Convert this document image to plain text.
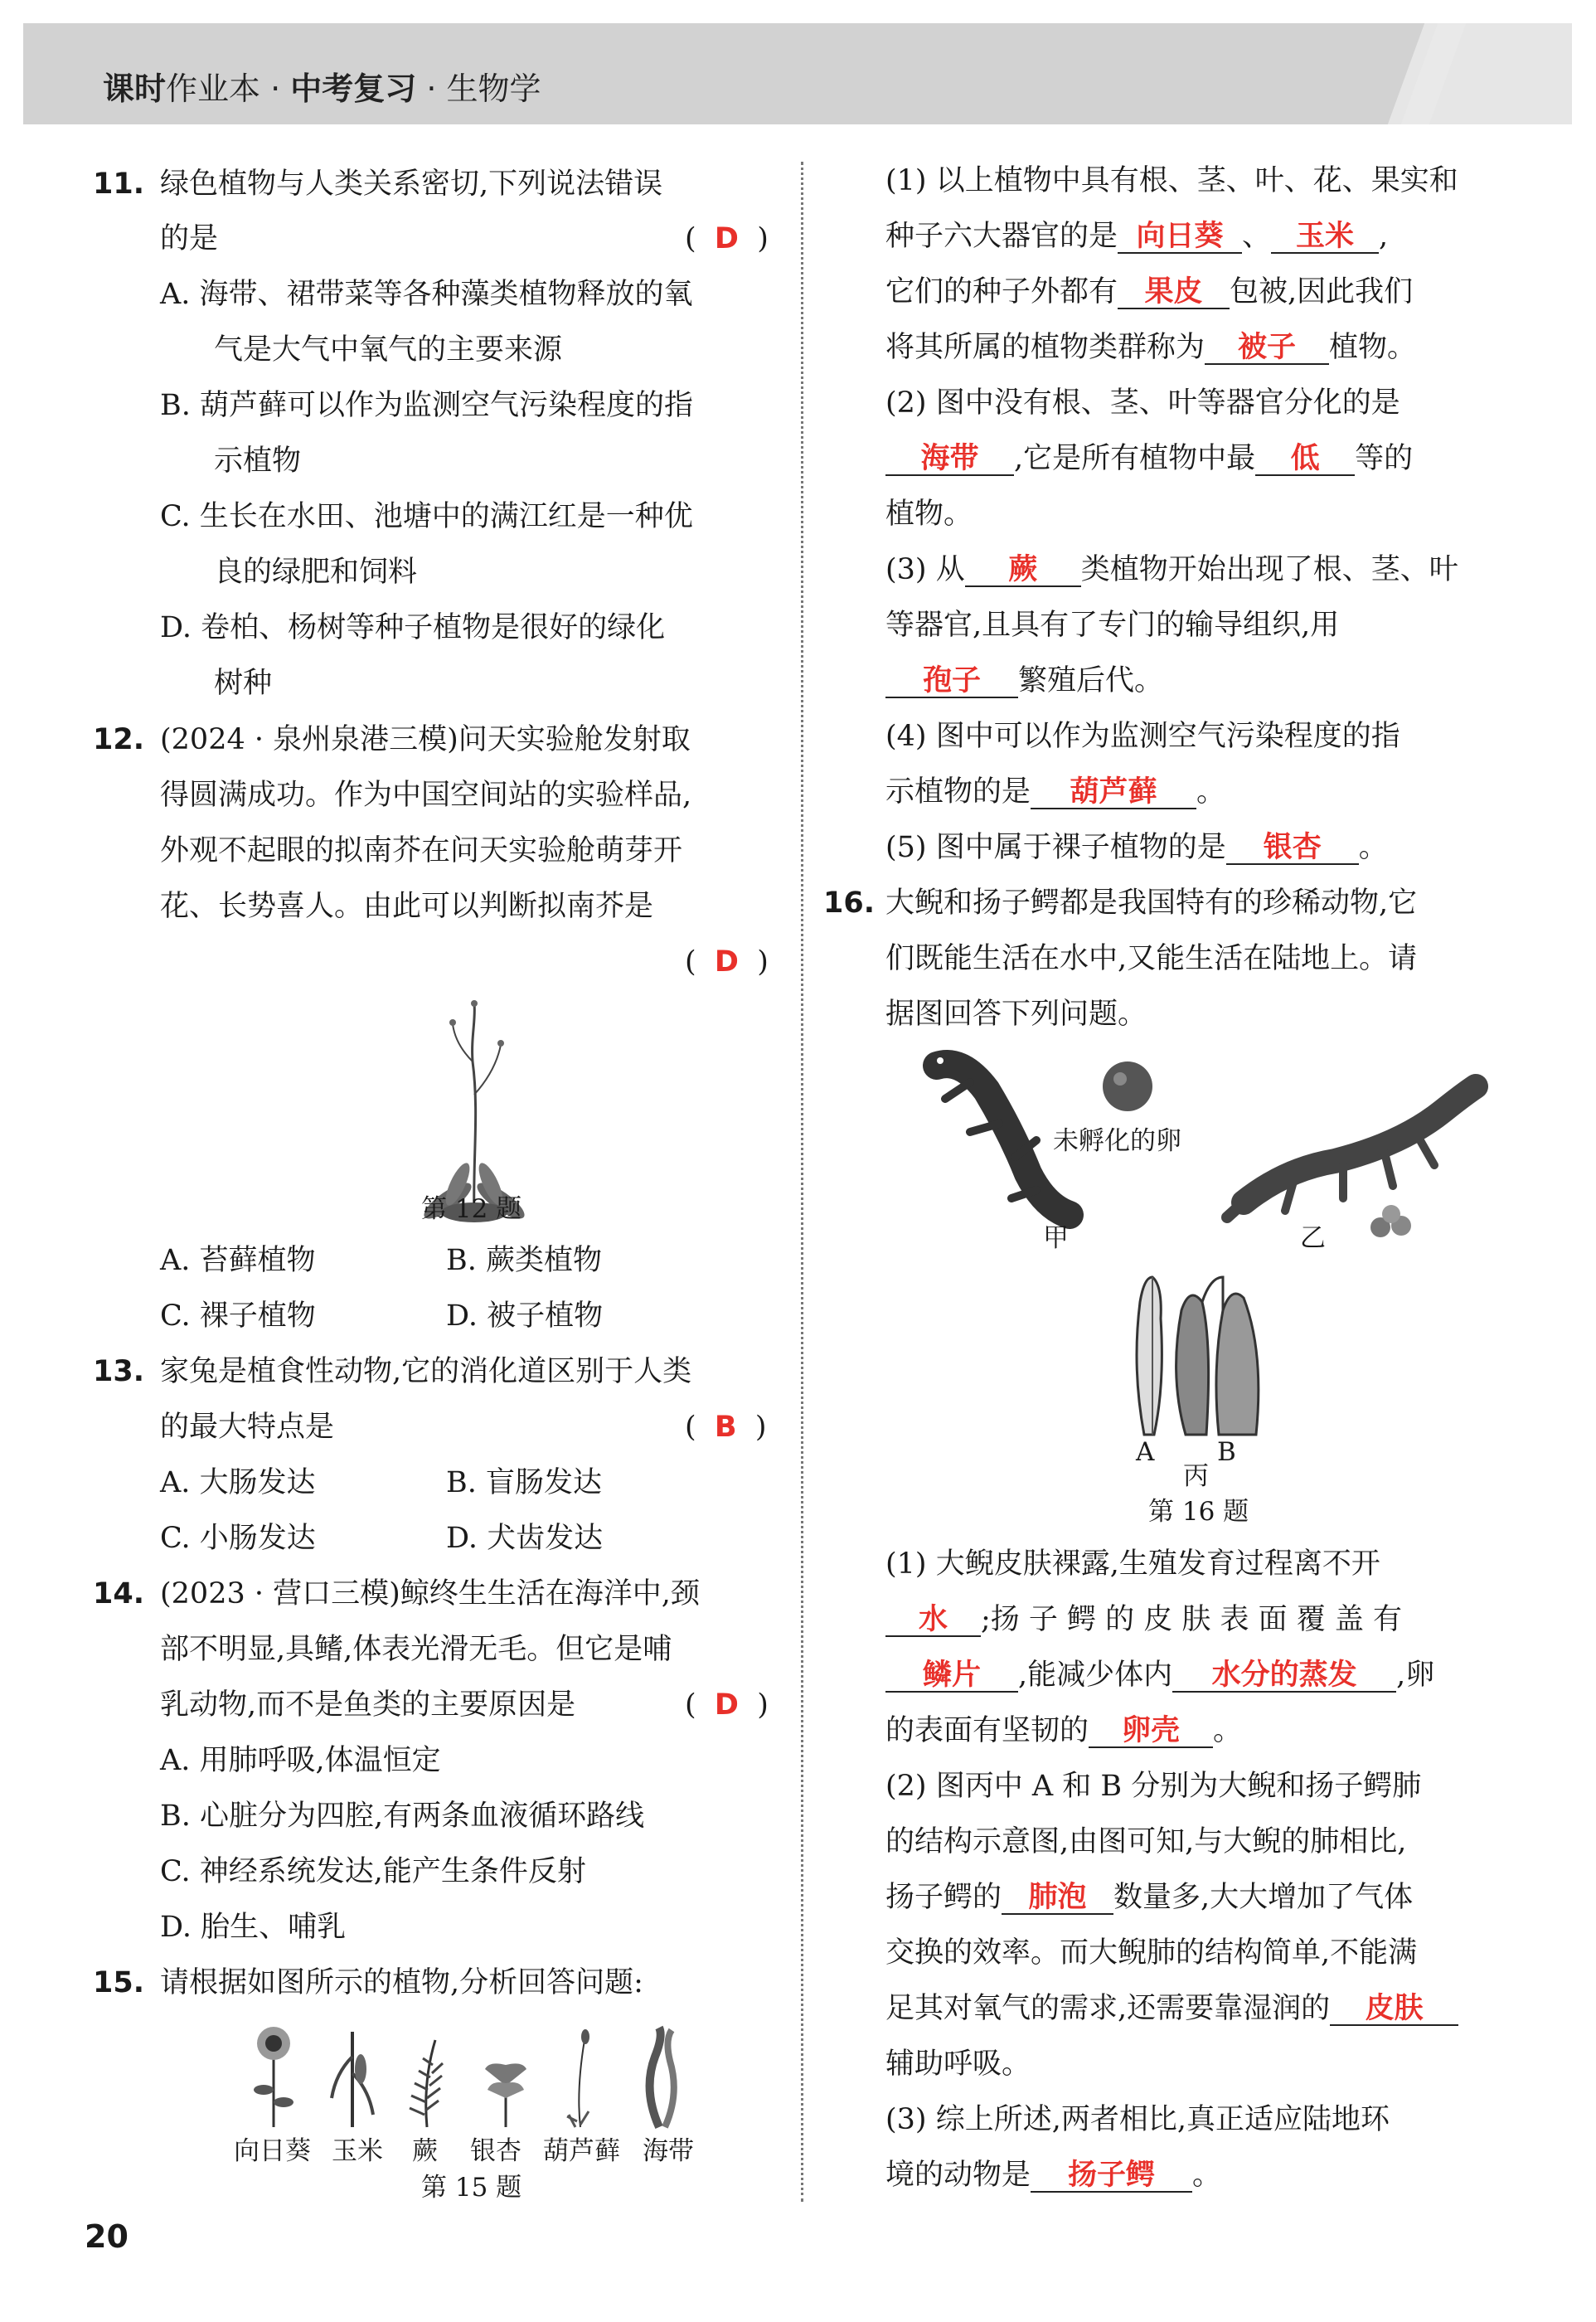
课时作业本 · 中考复习 · 生物学
11. 绿色植物与人类关系密切,下列说法错误
的是	(  D  )
A. 海带、裙带菜等各种藻类植物释放的氧
气是大气中氧气的主要来源
B. 葫芦藓可以作为监测空气污染程度的指
示植物
C. 生长在水田、池塘中的满江红是一种优
良的绿肥和饲料
D. 卷柏、杨树等种子植物是很好的绿化
树种
12. (2024 · 泉州泉港三模)问天实验舱发射取
得圆满成功。作为中国空间站的实验样品,
外观不起眼的拟南芥在问天实验舱萌芽开
花、长势喜人。由此可以判断拟南芥是
(  D  )
第 12 题
A. 苔藓植物	B. 蕨类植物
C. 裸子植物	D. 被子植物
13. 家兔是植食性动物,它的消化道区别于人类
的最大特点是	(  B  )
A. 大肠发达	B. 盲肠发达
C. 小肠发达	D. 犬齿发达
14. (2023 · 营口三模)鲸终生生活在海洋中,颈
部不明显,具鳍,体表光滑无毛。但它是哺
乳动物,而不是鱼类的主要原因是	(  D  )
A. 用肺呼吸,体温恒定
B. 心脏分为四腔,有两条血液循环路线
C. 神经系统发达,能产生条件反射
D. 胎生、哺乳
15. 请根据如图所示的植物,分析回答问题:
向日葵 玉米 蕨 银杏 葫芦藓 海带
第 15 题
20
(1) 以上植物中具有根、茎、叶、花、果实和
种子六大器官的是 向日葵 、 玉米 ,
它们的种子外都有 果皮 包被,因此我们
将其所属的植物类群称为 被子 植物。
(2) 图中没有根、茎、叶等器官分化的是
海带 ,它是所有植物中最 低 等的
植物。
(3) 从 蕨 类植物开始出现了根、茎、叶
等器官,且具有了专门的输导组织,用
孢子 繁殖后代。
(4) 图中可以作为监测空气污染程度的指
示植物的是 葫芦藓 。
(5) 图中属于裸子植物的是 银杏 。
16. 大鲵和扬子鳄都是我国特有的珍稀动物,它
们既能生活在水中,又能生活在陆地上。请
据图回答下列问题。
未孵化的卵
甲	乙
A B
丙
第 16 题
(1) 大鲵皮肤裸露,生殖发育过程离不开
水 ;扬 子 鳄 的 皮 肤 表 面 覆 盖 有
鳞片 ,能减少体内 水分的蒸发 ,卵
的表面有坚韧的 卵壳 。
(2) 图丙中 A 和 B 分别为大鲵和扬子鳄肺
的结构示意图,由图可知,与大鲵的肺相比,
扬子鳄的 肺泡 数量多,大大增加了气体
交换的效率。而大鲵肺的结构简单,不能满
足其对氧气的需求,还需要靠湿润的 皮肤
辅助呼吸。
(3) 综上所述,两者相比,真正适应陆地环
境的动物是 扬子鳄 。
